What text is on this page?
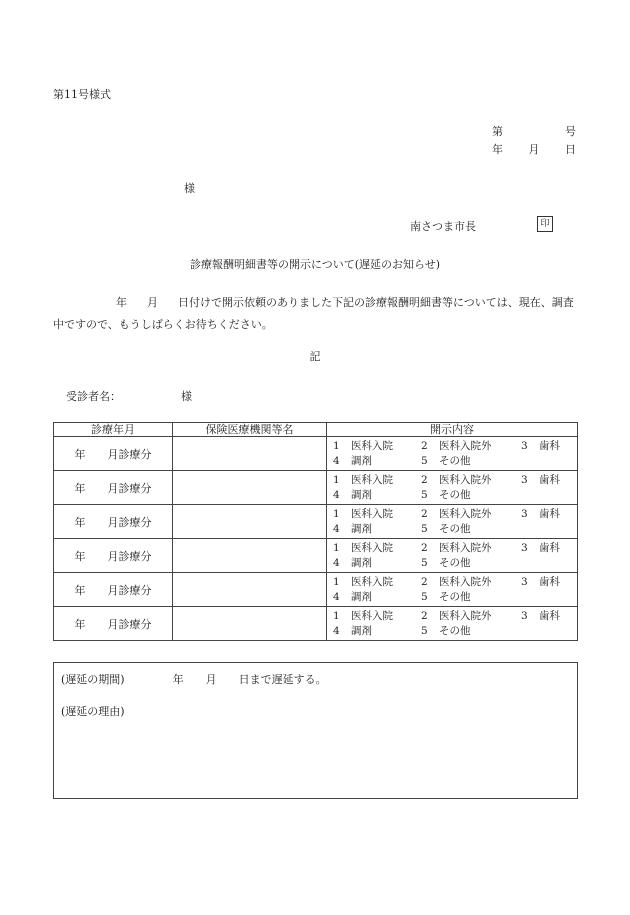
第11号様式
第	号
年 月 日
様
南さつま市長	印
診療報酬明細書等の開示について(遅延のお知らせ)
年 月 日付けで開示依頼のありました下記の診療報酬明細書等については、現在、調査中ですので、もうしばらくお待ちください。
記
受診者名：	様
診療年月	保険医療機関等名	開示内容
年 月診療分		1 医科入院 2 医科入院外 3 歯科
4 調剤 5 その他

年 月診療分		1 医科入院 2 医科入院外 3 歯科
4 調剤 5 その他

年 月診療分		1 医科入院 2 医科入院外 3 歯科
4 調剤 5 その他

年 月診療分		1 医科入院 2 医科入院外 3 歯科
4 調剤 5 その他

年 月診療分		1 医科入院 2 医科入院外 3 歯科
4 調剤 5 その他

年 月診療分		1 医科入院 2 医科入院外 3 歯科
4 調剤 5 その他
(遅延の期間)	年 月 日まで遅延する。
(遅延の理由)
